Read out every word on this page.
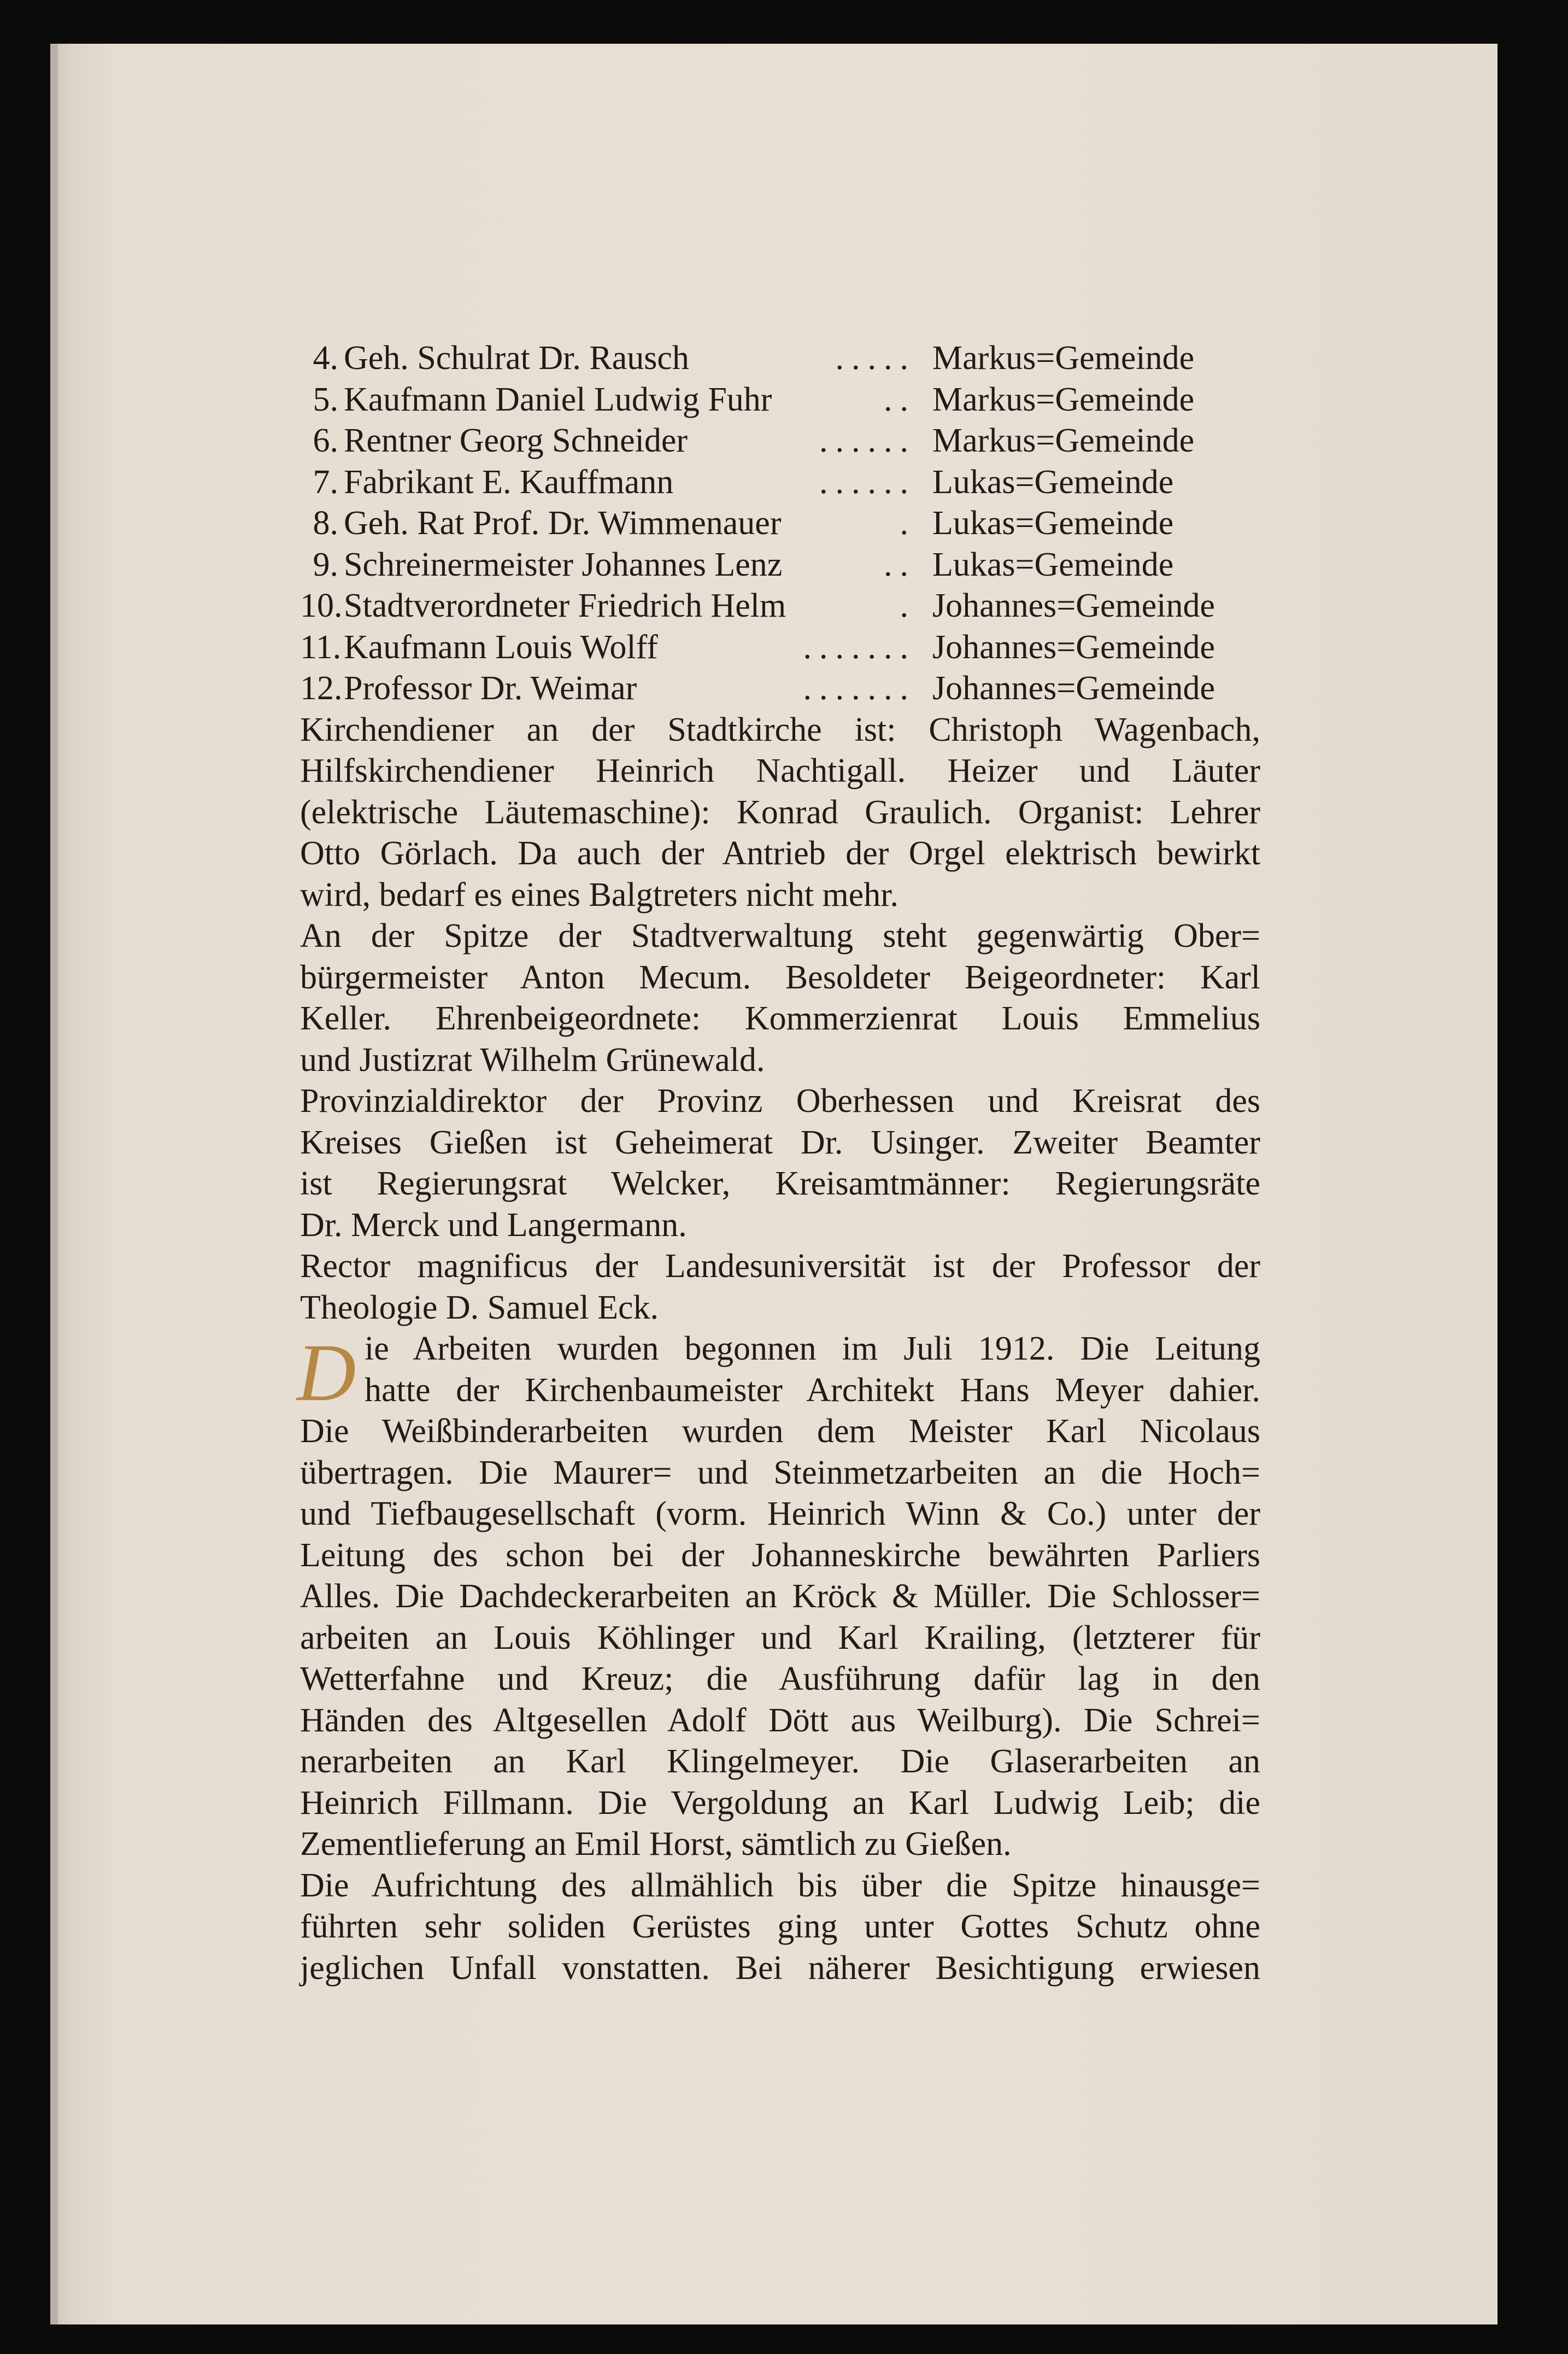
4. Geh. Schulrat Dr. Rausch	..... Markus=Gemeinde
5. Kaufmann Daniel Ludwig Fuhr	.. Markus=Gemeinde
6. Rentner Georg Schneider	...... Markus=Gemeinde
7. Fabrikant E. Kauffmann	...... Lukas=Gemeinde
8. Geh. Rat Prof. Dr. Wimmenauer	. Lukas=Gemeinde
9. Schreinermeister Johannes Lenz	.. Lukas=Gemeinde
10. Stadtverordneter Friedrich Helm	. Johannes=Gemeinde
11. Kaufmann Louis Wolff	....... Johannes=Gemeinde
12. Professor Dr. Weimar	....... Johannes=Gemeinde
Kirchendiener an der Stadtkirche ist: Christoph Wagenbach,
Hilfskirchendiener Heinrich Nachtigall. Heizer und Läuter
(elektrische Läutemaschine): Konrad Graulich. Organist: Lehrer
Otto Görlach. Da auch der Antrieb der Orgel elektrisch bewirkt
wird, bedarf es eines Balgtreters nicht mehr.
An der Spitze der Stadtverwaltung steht gegenwärtig Ober=
bürgermeister Anton Mecum. Besoldeter Beigeordneter: Karl
Keller. Ehrenbeigeordnete: Kommerzienrat Louis Emmelius
und Justizrat Wilhelm Grünewald.
Provinzialdirektor der Provinz Oberhessen und Kreisrat des
Kreises Gießen ist Geheimerat Dr. Usinger. Zweiter Beamter
ist Regierungsrat Welcker, Kreisamtmänner: Regierungsräte
Dr. Merck und Langermann.
Rector magnificus der Landesuniversität ist der Professor der
Theologie D. Samuel Eck.
D ie Arbeiten wurden begonnen im Juli 1912. Die Leitung
hatte der Kirchenbaumeister Architekt Hans Meyer dahier.
Die Weißbinderarbeiten wurden dem Meister Karl Nicolaus
übertragen. Die Maurer= und Steinmetzarbeiten an die Hoch=
und Tiefbaugesellschaft (vorm. Heinrich Winn & Co.) unter der
Leitung des schon bei der Johanneskirche bewährten Parliers
Alles. Die Dachdeckerarbeiten an Kröck & Müller. Die Schlosser=
arbeiten an Louis Köhlinger und Karl Krailing, (letzterer für
Wetterfahne und Kreuz; die Ausführung dafür lag in den
Händen des Altgesellen Adolf Dött aus Weilburg). Die Schrei=
nerarbeiten an Karl Klingelmeyer. Die Glaserarbeiten an
Heinrich Fillmann. Die Vergoldung an Karl Ludwig Leib; die
Zementlieferung an Emil Horst, sämtlich zu Gießen.
Die Aufrichtung des allmählich bis über die Spitze hinausge=
führten sehr soliden Gerüstes ging unter Gottes Schutz ohne
jeglichen Unfall vonstatten. Bei näherer Besichtigung erwiesen
